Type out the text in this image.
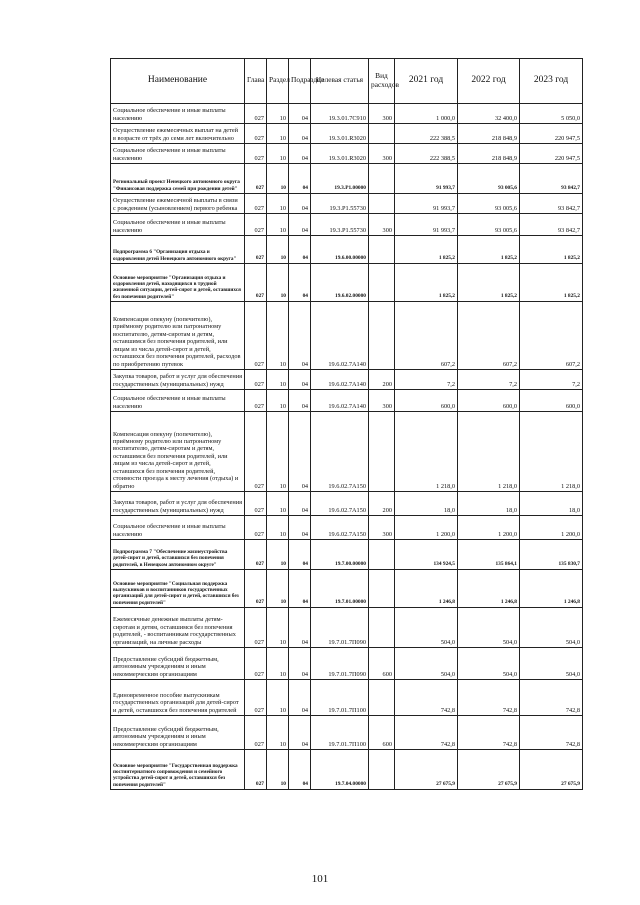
Наименование	Глава	Раздел	Подраздел	Целевая статья	Вид расходов	2021 год	2022 год	2023 год
Социальное обеспечение и иные выплаты населению	027	10	04	19.3.01.7С910	300	1 000,0	32 400,0	5 050,0
Осуществление ежемесячных выплат на детей в возрасте от трёх до семи лет включительно	027	10	04	19.3.01.R3020		222 388,5	218 848,9	220 947,5
Социальное обеспечение и иные выплаты населению	027	10	04	19.3.01.R3020	300	222 388,5	218 848,9	220 947,5
Региональный проект Ненецкого автономного округа "Финансовая поддержка семей при рождении детей"	027	10	04	19.3.P1.00000		91 993,7	93 005,6	93 842,7
Осуществление ежемесячной выплаты в связи с рождением (усыновлением) первого ребенка	027	10	04	19.3.P1.55730		91 993,7	93 005,6	93 842,7
Социальное обеспечение и иные выплаты населению	027	10	04	19.3.P1.55730	300	91 993,7	93 005,6	93 842,7
Подпрограмма 6 "Организация отдыха и оздоровления детей Ненецкого автономного округа"	027	10	04	19.6.00.00000		1 825,2	1 825,2	1 825,2
Основное мероприятие "Организация отдыха и оздоровления детей, находящихся в трудной жизненной ситуации, детей-сирот и детей, оставшихся без попечения родителей"	027	10	04	19.6.02.00000		1 825,2	1 825,2	1 825,2
Компенсация опекуну (попечителю), приёмному родителю или патронатному воспитателю, детям-сиротам и детям, оставшимся без попечения родителей, или лицам из числа детей-сирот и детей, оставшихся без попечения родителей, расходов по приобретению путевок	027	10	04	19.6.02.7А140		607,2	607,2	607,2
Закупка товаров, работ и услуг для обеспечения государственных (муниципальных) нужд	027	10	04	19.6.02.7А140	200	7,2	7,2	7,2
Социальное обеспечение и иные выплаты населению	027	10	04	19.6.02.7А140	300	600,0	600,0	600,0
Компенсация опекуну (попечителю), приёмному родителю или патронатному воспитателю, детям-сиротам и детям, оставшимся без попечения родителей, или лицам из числа детей-сирот и детей, оставшихся без попечения родителей, стоимости проезда к месту лечения (отдыха) и обратно	027	10	04	19.6.02.7А150		1 218,0	1 218,0	1 218,0
Закупка товаров, работ и услуг для обеспечения государственных (муниципальных) нужд	027	10	04	19.6.02.7А150	200	18,0	18,0	18,0
Социальное обеспечение и иные выплаты населению	027	10	04	19.6.02.7А150	300	1 200,0	1 200,0	1 200,0
Подпрограмма 7 "Обеспечение жизнеустройства детей-сирот и детей, оставшихся без попечения родителей, в Ненецком автономном округе"	027	10	04	19.7.00.00000		134 924,5	135 864,1	135 830,7
Основное мероприятие "Социальная поддержка выпускников и воспитанников государственных организаций для детей-сирот и детей, оставшихся без попечения родителей"	027	10	04	19.7.01.00000		1 246,8	1 246,8	1 246,8
Ежемесячные денежные выплаты детям-сиротам и детям, оставшимся без попечения родителей, - воспитанникам государственных организаций, на личные расходы	027	10	04	19.7.01.7П090		504,0	504,0	504,0
Предоставление субсидий бюджетным, автономным учреждениям и иным некоммерческим организациям	027	10	04	19.7.01.7П090	600	504,0	504,0	504,0
Единовременное пособие выпускникам государственных организаций для детей-сирот и детей, оставшихся без попечения родителей	027	10	04	19.7.01.7П100		742,8	742,8	742,8
Предоставление субсидий бюджетным, автономным учреждениям и иным некоммерческим организациям	027	10	04	19.7.01.7П100	600	742,8	742,8	742,8
Основное мероприятие "Государственная поддержка постинтернатного сопровождения и семейного устройства детей-сирот и детей, оставшихся без попечения родителей"	027	10	04	19.7.04.00000		27 675,9	27 675,9	27 675,9
101
